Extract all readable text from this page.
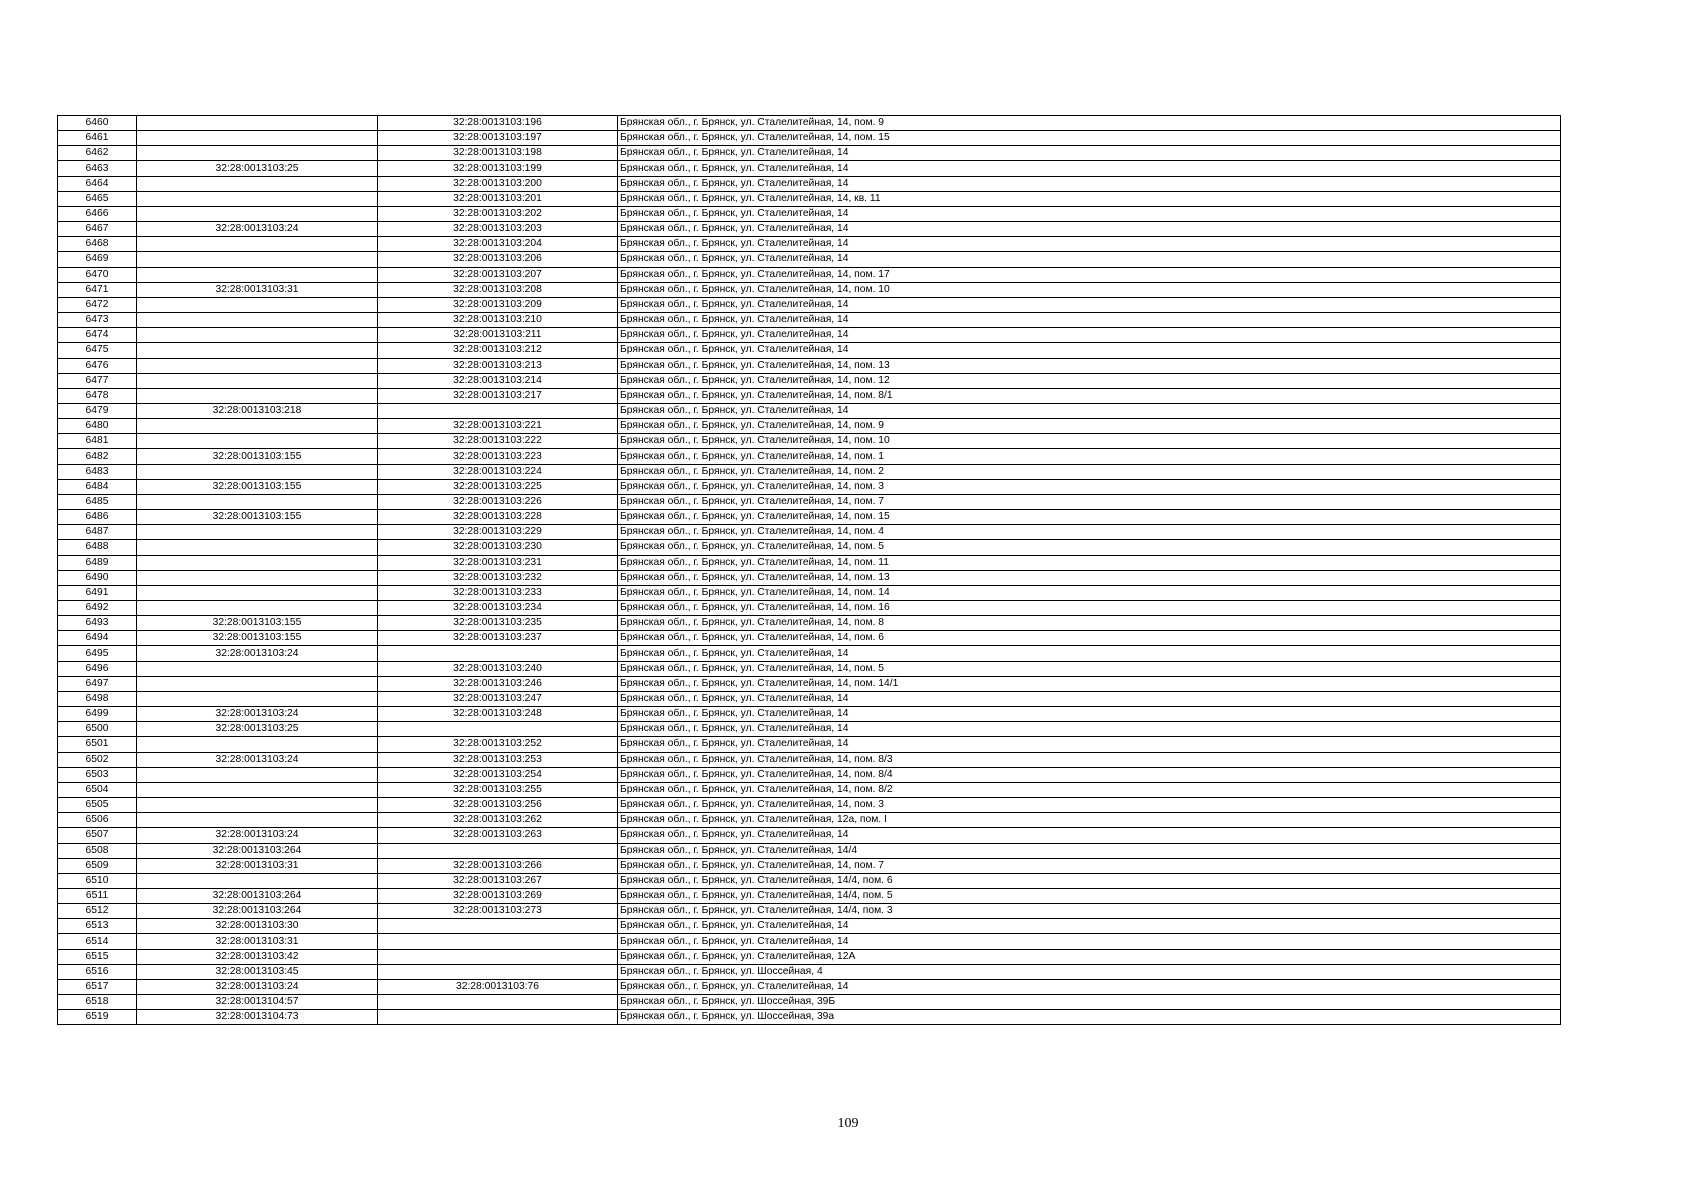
6460		32:28:0013103:196	Брянская обл., г. Брянск, ул. Сталелитейная, 14, пом. 9
6461		32:28:0013103:197	Брянская обл., г. Брянск, ул. Сталелитейная, 14, пом. 15
6462		32:28:0013103:198	Брянская обл., г. Брянск, ул. Сталелитейная, 14
6463	32:28:0013103:25	32:28:0013103:199	Брянская обл., г. Брянск, ул. Сталелитейная, 14
6464		32:28:0013103:200	Брянская обл., г. Брянск, ул. Сталелитейная, 14
6465		32:28:0013103:201	Брянская обл., г. Брянск, ул. Сталелитейная, 14, кв. 11
6466		32:28:0013103:202	Брянская обл., г. Брянск, ул. Сталелитейная, 14
6467	32:28:0013103:24	32:28:0013103:203	Брянская обл., г. Брянск, ул. Сталелитейная, 14
6468		32:28:0013103:204	Брянская обл., г. Брянск, ул. Сталелитейная, 14
6469		32:28:0013103:206	Брянская обл., г. Брянск, ул. Сталелитейная, 14
6470		32:28:0013103:207	Брянская обл., г. Брянск, ул. Сталелитейная, 14, пом. 17
6471	32:28:0013103:31	32:28:0013103:208	Брянская обл., г. Брянск, ул. Сталелитейная, 14, пом. 10
6472		32:28:0013103:209	Брянская обл., г. Брянск, ул. Сталелитейная, 14
6473		32:28:0013103:210	Брянская обл., г. Брянск, ул. Сталелитейная, 14
6474		32:28:0013103:211	Брянская обл., г. Брянск, ул. Сталелитейная, 14
6475		32:28:0013103:212	Брянская обл., г. Брянск, ул. Сталелитейная, 14
6476		32:28:0013103:213	Брянская обл., г. Брянск, ул. Сталелитейная, 14, пом. 13
6477		32:28:0013103:214	Брянская обл., г. Брянск, ул. Сталелитейная, 14, пом. 12
6478		32:28:0013103:217	Брянская обл., г. Брянск, ул. Сталелитейная, 14, пом. 8/1
6479	32:28:0013103:218		Брянская обл., г. Брянск, ул. Сталелитейная, 14
6480		32:28:0013103:221	Брянская обл., г. Брянск, ул. Сталелитейная, 14, пом. 9
6481		32:28:0013103:222	Брянская обл., г. Брянск, ул. Сталелитейная, 14, пом. 10
6482	32:28:0013103:155	32:28:0013103:223	Брянская обл., г. Брянск, ул. Сталелитейная, 14, пом. 1
6483		32:28:0013103:224	Брянская обл., г. Брянск, ул. Сталелитейная, 14, пом. 2
6484	32:28:0013103:155	32:28:0013103:225	Брянская обл., г. Брянск, ул. Сталелитейная, 14, пом. 3
6485		32:28:0013103:226	Брянская обл., г. Брянск, ул. Сталелитейная, 14, пом. 7
6486	32:28:0013103:155	32:28:0013103:228	Брянская обл., г. Брянск, ул. Сталелитейная, 14, пом. 15
6487		32:28:0013103:229	Брянская обл., г. Брянск, ул. Сталелитейная, 14, пом. 4
6488		32:28:0013103:230	Брянская обл., г. Брянск, ул. Сталелитейная, 14, пом. 5
6489		32:28:0013103:231	Брянская обл., г. Брянск, ул. Сталелитейная, 14, пом. 11
6490		32:28:0013103:232	Брянская обл., г. Брянск, ул. Сталелитейная, 14, пом. 13
6491		32:28:0013103:233	Брянская обл., г. Брянск, ул. Сталелитейная, 14, пом. 14
6492		32:28:0013103:234	Брянская обл., г. Брянск, ул. Сталелитейная, 14, пом. 16
6493	32:28:0013103:155	32:28:0013103:235	Брянская обл., г. Брянск, ул. Сталелитейная, 14, пом. 8
6494	32:28:0013103:155	32:28:0013103:237	Брянская обл., г. Брянск, ул. Сталелитейная, 14, пом. 6
6495	32:28:0013103:24		Брянская обл., г. Брянск, ул. Сталелитейная, 14
6496		32:28:0013103:240	Брянская обл., г. Брянск, ул. Сталелитейная, 14, пом. 5
6497		32:28:0013103:246	Брянская обл., г. Брянск, ул. Сталелитейная, 14, пом. 14/1
6498		32:28:0013103:247	Брянская обл., г. Брянск, ул. Сталелитейная, 14
6499	32:28:0013103:24	32:28:0013103:248	Брянская обл., г. Брянск, ул. Сталелитейная, 14
6500	32:28:0013103:25		Брянская обл., г. Брянск, ул. Сталелитейная, 14
6501		32:28:0013103:252	Брянская обл., г. Брянск, ул. Сталелитейная, 14
6502	32:28:0013103:24	32:28:0013103:253	Брянская обл., г. Брянск, ул. Сталелитейная, 14, пом. 8/3
6503		32:28:0013103:254	Брянская обл., г. Брянск, ул. Сталелитейная, 14, пом. 8/4
6504		32:28:0013103:255	Брянская обл., г. Брянск, ул. Сталелитейная, 14, пом. 8/2
6505		32:28:0013103:256	Брянская обл., г. Брянск, ул. Сталелитейная, 14, пом. 3
6506		32:28:0013103:262	Брянская обл., г. Брянск, ул. Сталелитейная, 12а, пом. I
6507	32:28:0013103:24	32:28:0013103:263	Брянская обл., г. Брянск, ул. Сталелитейная, 14
6508	32:28:0013103:264		Брянская обл., г. Брянск, ул. Сталелитейная, 14/4
6509	32:28:0013103:31	32:28:0013103:266	Брянская обл., г. Брянск, ул. Сталелитейная, 14, пом. 7
6510		32:28:0013103:267	Брянская обл., г. Брянск, ул. Сталелитейная, 14/4, пом. 6
6511	32:28:0013103:264	32:28:0013103:269	Брянская обл., г. Брянск, ул. Сталелитейная, 14/4, пом. 5
6512	32:28:0013103:264	32:28:0013103:273	Брянская обл., г. Брянск, ул. Сталелитейная, 14/4, пом. 3
6513	32:28:0013103:30		Брянская обл., г. Брянск, ул. Сталелитейная, 14
6514	32:28:0013103:31		Брянская обл., г. Брянск, ул. Сталелитейная, 14
6515	32:28:0013103:42		Брянская обл., г. Брянск, ул. Сталелитейная, 12А
6516	32:28:0013103:45		Брянская обл., г. Брянск, ул. Шоссейная, 4
6517	32:28:0013103:24	32:28:0013103:76	Брянская обл., г. Брянск, ул. Сталелитейная, 14
6518	32:28:0013104:57		Брянская обл., г. Брянск, ул. Шоссейная, 39Б
6519	32:28:0013104:73		Брянская обл., г. Брянск, ул. Шоссейная, 39а
109
